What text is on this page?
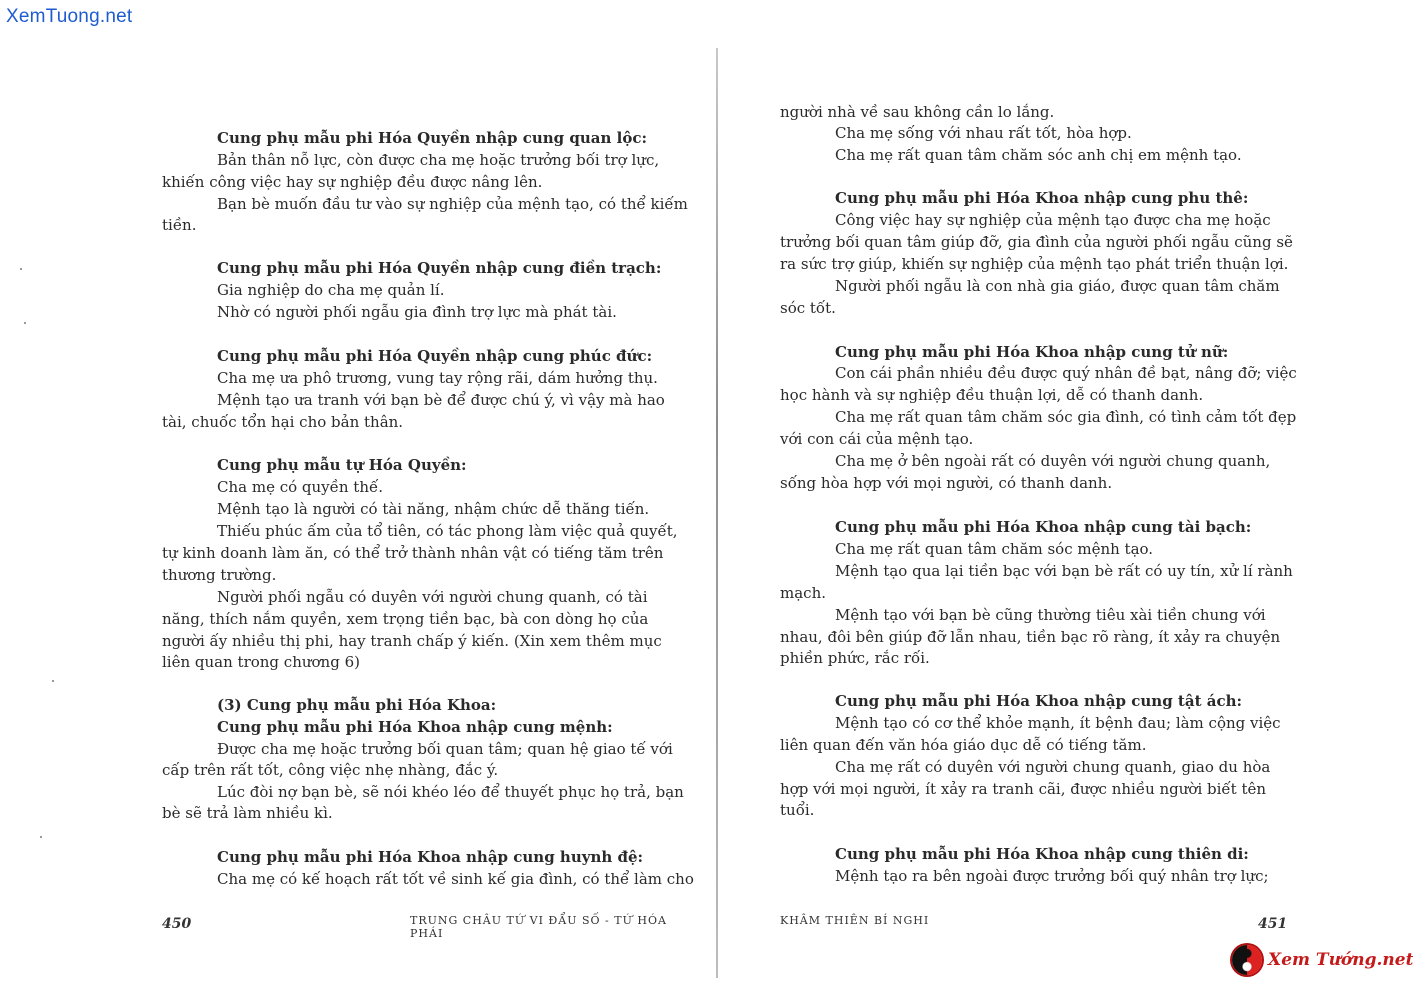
XemTuong.net

Cung phụ mẫu phi Hóa Quyền nhập cung quan lộc:

Bản thân nỗ lực, còn được cha mẹ hoặc trưởng bối trợ lực,

khiến công việc hay sự nghiệp đều được nâng lên.

Bạn bè muốn đầu tư vào sự nghiệp của mệnh tạo, có thể kiếm

tiền.

Cung phụ mẫu phi Hóa Quyền nhập cung điền trạch:

Gia nghiệp do cha mẹ quản lí.

Nhờ có người phối ngẫu gia đình trợ lực mà phát tài.

Cung phụ mẫu phi Hóa Quyền nhập cung phúc đức:

Cha mẹ ưa phô trương, vung tay rộng rãi, dám hưởng thụ.

Mệnh tạo ưa tranh với bạn bè để được chú ý, vì vậy mà hao

tài, chuốc tổn hại cho bản thân.

Cung phụ mẫu tự Hóa Quyền:

Cha mẹ có quyền thế.

Mệnh tạo là người có tài năng, nhậm chức dễ thăng tiến.

Thiếu phúc ấm của tổ tiên, có tác phong làm việc quả quyết,

tự kinh doanh làm ăn, có thể trở thành nhân vật có tiếng tăm trên

thương trường.

Người phối ngẫu có duyên với người chung quanh, có tài

năng, thích nắm quyền, xem trọng tiền bạc, bà con dòng họ của

người ấy nhiều thị phi, hay tranh chấp ý kiến. (Xin xem thêm mục

liên quan trong chương 6)

(3) Cung phụ mẫu phi Hóa Khoa:

Cung phụ mẫu phi Hóa Khoa nhập cung mệnh:

Được cha mẹ hoặc trưởng bối quan tâm; quan hệ giao tế với

cấp trên rất tốt, công việc nhẹ nhàng, đắc ý.

Lúc đòi nợ bạn bè, sẽ nói khéo léo để thuyết phục họ trả, bạn

bè sẽ trả làm nhiều kì.

Cung phụ mẫu phi Hóa Khoa nhập cung huynh đệ:

Cha mẹ có kế hoạch rất tốt về sinh kế gia đình, có thể làm cho

450	TRUNG CHÂU TỨ VI ĐẨU SỐ - TỨ HÓA PHÁI

người nhà về sau không cần lo lắng.

Cha mẹ sống với nhau rất tốt, hòa hợp.

Cha mẹ rất quan tâm chăm sóc anh chị em mệnh tạo.

Cung phụ mẫu phi Hóa Khoa nhập cung phu thê:

Công việc hay sự nghiệp của mệnh tạo được cha mẹ hoặc

trưởng bối quan tâm giúp đỡ, gia đình của người phối ngẫu cũng sẽ

ra sức trợ giúp, khiến sự nghiệp của mệnh tạo phát triển thuận lợi.

Người phối ngẫu là con nhà gia giáo, được quan tâm chăm

sóc tốt.

Cung phụ mẫu phi Hóa Khoa nhập cung tử nữ:

Con cái phần nhiều đều được quý nhân đề bạt, nâng đỡ; việc

học hành và sự nghiệp đều thuận lợi, dễ có thanh danh.

Cha mẹ rất quan tâm chăm sóc gia đình, có tình cảm tốt đẹp

với con cái của mệnh tạo.

Cha mẹ ở bên ngoài rất có duyên với người chung quanh,

sống hòa hợp với mọi người, có thanh danh.

Cung phụ mẫu phi Hóa Khoa nhập cung tài bạch:

Cha mẹ rất quan tâm chăm sóc mệnh tạo.

Mệnh tạo qua lại tiền bạc với bạn bè rất có uy tín, xử lí rành

mạch.

Mệnh tạo với bạn bè cũng thường tiêu xài tiền chung với

nhau, đôi bên giúp đỡ lẫn nhau, tiền bạc rõ ràng, ít xảy ra chuyện

phiền phức, rắc rối.

Cung phụ mẫu phi Hóa Khoa nhập cung tật ách:

Mệnh tạo có cơ thể khỏe mạnh, ít bệnh đau; làm cộng việc

liên quan đến văn hóa giáo dục dễ có tiếng tăm.

Cha mẹ rất có duyên với người chung quanh, giao du hòa

hợp với mọi người, ít xảy ra tranh cãi, được nhiều người biết tên

tuổi.

Cung phụ mẫu phi Hóa Khoa nhập cung thiên di:

Mệnh tạo ra bên ngoài được trưởng bối quý nhân trợ lực;

KHÂM THIÊN BÍ NGHI	451

Xem Tướng.net
